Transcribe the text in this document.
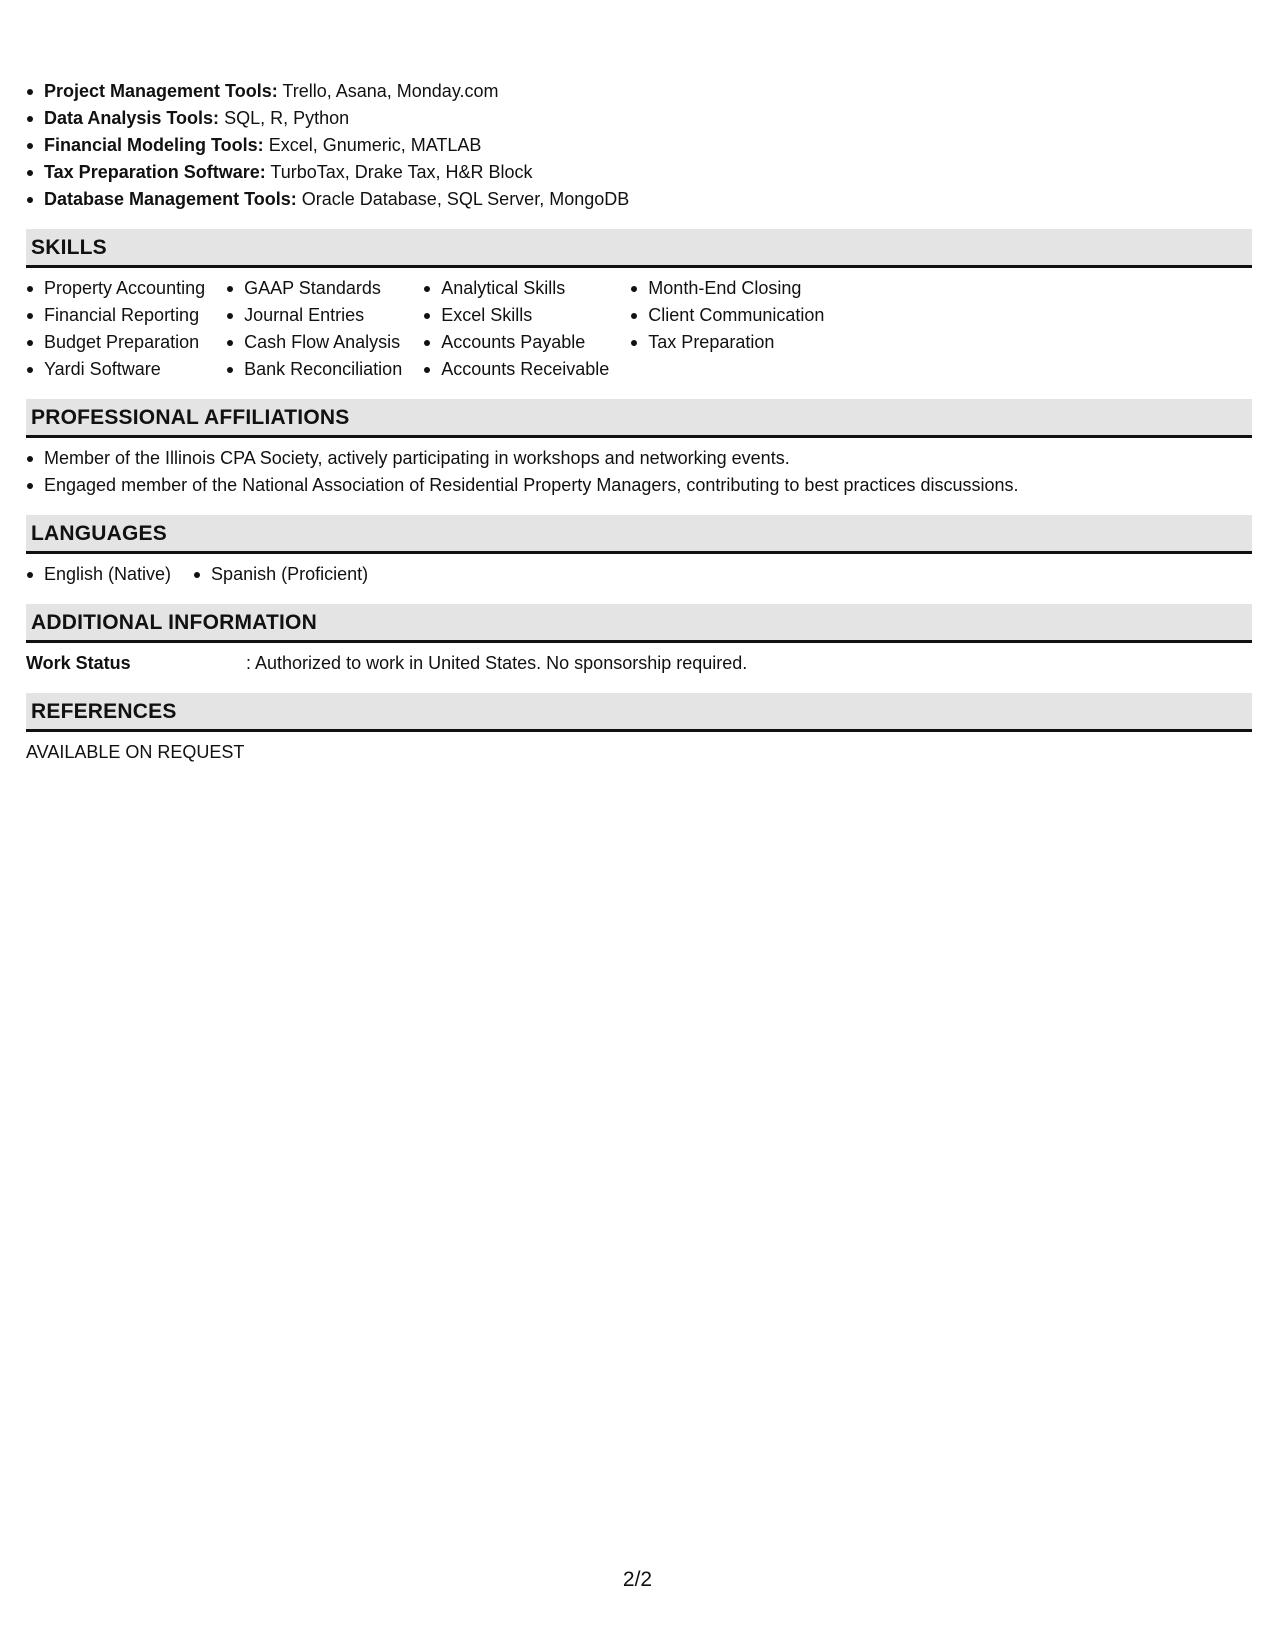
Project Management Tools: Trello, Asana, Monday.com
Data Analysis Tools: SQL, R, Python
Financial Modeling Tools: Excel, Gnumeric, MATLAB
Tax Preparation Software: TurboTax, Drake Tax, H&R Block
Database Management Tools: Oracle Database, SQL Server, MongoDB
SKILLS
Property Accounting
Financial Reporting
Budget Preparation
Yardi Software
GAAP Standards
Journal Entries
Cash Flow Analysis
Bank Reconciliation
Analytical Skills
Excel Skills
Accounts Payable
Accounts Receivable
Month-End Closing
Client Communication
Tax Preparation
PROFESSIONAL AFFILIATIONS
Member of the Illinois CPA Society, actively participating in workshops and networking events.
Engaged member of the National Association of Residential Property Managers, contributing to best practices discussions.
LANGUAGES
English (Native)	Spanish (Proficient)
ADDITIONAL INFORMATION
Work Status	: Authorized to work in United States. No sponsorship required.
REFERENCES
AVAILABLE ON REQUEST
2/2
